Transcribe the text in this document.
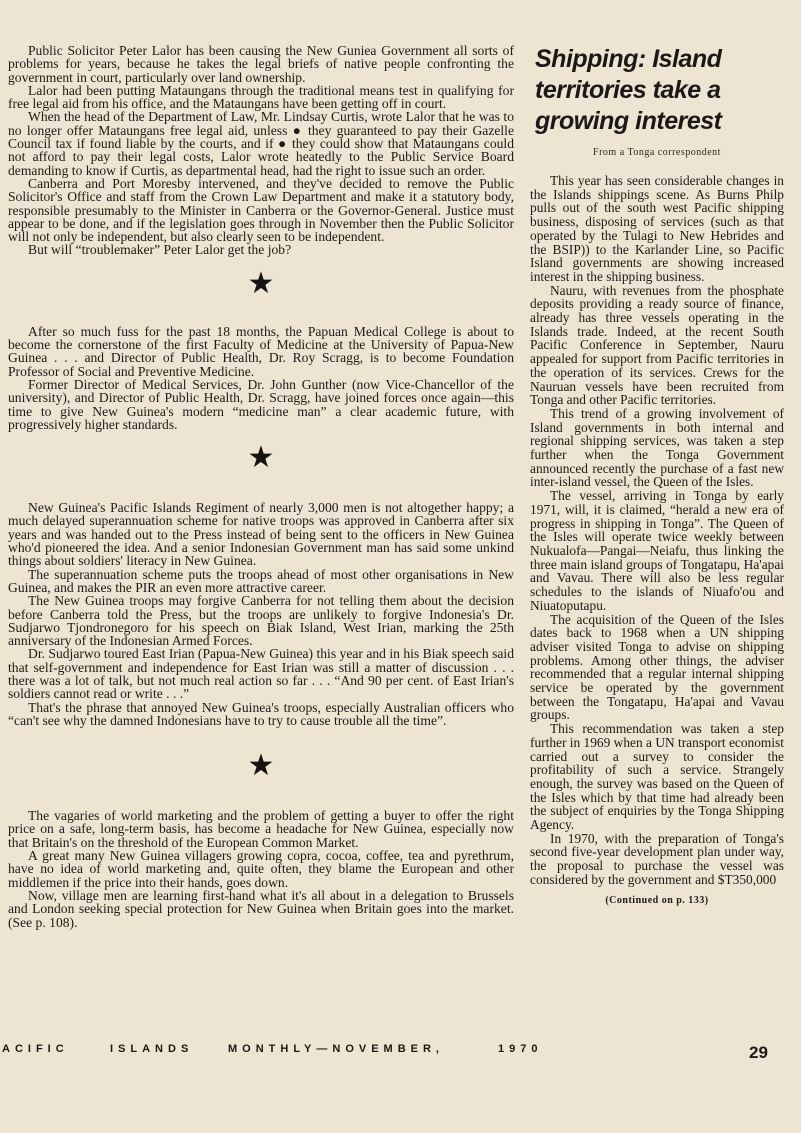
Public Solicitor Peter Lalor has been causing the New Guniea Government all sorts of problems for years, because he takes the legal briefs of native people confronting the government in court, particularly over land ownership.

Lalor had been putting Mataungans through the traditional means test in qualifying for free legal aid from his office, and the Mataungans have been getting off in court.

When the head of the Department of Law, Mr. Lindsay Curtis, wrote Lalor that he was to no longer offer Mataungans free legal aid, unless ● they guaranteed to pay their Gazelle Council tax if found liable by the courts, and if ● they could show that Mataungans could not afford to pay their legal costs, Lalor wrote heatedly to the Public Service Board demanding to know if Curtis, as departmental head, had the right to issue such an order.

Canberra and Port Moresby intervened, and they've decided to remove the Public Solicitor's Office and staff from the Crown Law Department and make it a statutory body, responsible presumably to the Minister in Canberra or the Governor-General. Justice must appear to be done, and if the legislation goes through in November then the Public Solicitor will not only be independent, but also clearly seen to be independent.

But will “troublemaker” Peter Lalor get the job?

★

After so much fuss for the past 18 months, the Papuan Medical College is about to become the cornerstone of the first Faculty of Medicine at the University of Papua-New Guinea . . . and Director of Public Health, Dr. Roy Scragg, is to become Foundation Professor of Social and Preventive Medicine.

Former Director of Medical Services, Dr. John Gunther (now Vice-Chancellor of the university), and Director of Public Health, Dr. Scragg, have joined forces once again—this time to give New Guinea's modern “medicine man” a clear academic future, with progressively higher standards.

★

New Guinea's Pacific Islands Regiment of nearly 3,000 men is not altogether happy; a much delayed superannuation scheme for native troops was approved in Canberra after six years and was handed out to the Press instead of being sent to the officers in New Guinea who'd pioneered the idea. And a senior Indonesian Government man has said some unkind things about soldiers' literacy in New Guinea.

The superannuation scheme puts the troops ahead of most other organisations in New Guinea, and makes the PIR an even more attractive career.

The New Guinea troops may forgive Canberra for not telling them about the decision before Canberra told the Press, but the troops are unlikely to forgive Indonesia's Dr. Sudjarwo Tjondronegoro for his speech on Biak Island, West Irian, marking the 25th anniversary of the Indonesian Armed Forces.

Dr. Sudjarwo toured East Irian (Papua-New Guinea) this year and in his Biak speech said that self-government and independence for East Irian was still a matter of discussion . . . there was a lot of talk, but not much real action so far . . . “And 90 per cent. of East Irian's soldiers cannot read or write . . .”

That's the phrase that annoyed New Guinea's troops, especially Australian officers who “can't see why the damned Indonesians have to try to cause trouble all the time”.

★

The vagaries of world marketing and the problem of getting a buyer to offer the right price on a safe, long-term basis, has become a headache for New Guinea, especially now that Britain's on the threshold of the European Common Market.

A great many New Guinea villagers growing copra, cocoa, coffee, tea and pyrethrum, have no idea of world marketing and, quite often, they blame the European and other middlemen if the price into their hands, goes down.

Now, village men are learning first-hand what it's all about in a delegation to Brussels and London seeking special protection for New Guinea when Britain goes into the market. (See p. 108).

Shipping: Island territories take a growing interest
From a Tonga correspondent

This year has seen considerable changes in the Islands shippings scene. As Burns Philp pulls out of the south west Pacific shipping business, disposing of services (such as that operated by the Tulagi to New Hebrides and the BSIP)) to the Karlander Line, so Pacific Island governments are showing increased interest in the shipping business.

Nauru, with revenues from the phosphate deposits providing a ready source of finance, already has three vessels operating in the Islands trade. Indeed, at the recent South Pacific Conference in September, Nauru appealed for support from Pacific territories in the operation of its services. Crews for the Nauruan vessels have been recruited from Tonga and other Pacific territories.

This trend of a growing involvement of Island governments in both internal and regional shipping services, was taken a step further when the Tonga Government announced recently the purchase of a fast new inter-island vessel, the Queen of the Isles.

The vessel, arriving in Tonga by early 1971, will, it is claimed, “herald a new era of progress in shipping in Tonga”. The Queen of the Isles will operate twice weekly between Nukualofa—Pangai—Neiafu, thus linking the three main island groups of Tongatapu, Ha'apai and Vavau. There will also be less regular schedules to the islands of Niuafo'ou and Niuatoputapu.

The acquisition of the Queen of the Isles dates back to 1968 when a UN shipping adviser visited Tonga to advise on shipping problems. Among other things, the adviser recommended that a regular internal shipping service be operated by the government between the Tongatapu, Ha'apai and Vavau groups.

This recommendation was taken a step further in 1969 when a UN transport economist carried out a survey to consider the profitability of such a service. Strangely enough, the survey was based on the Queen of the Isles which by that time had already been the subject of enquiries by the Tonga Shipping Agency.

In 1970, with the preparation of Tonga's second five-year development plan under way, the proposal to purchase the vessel was considered by the government and $T350,000

(Continued on p. 133)
ACIFIC	ISLANDS	MONTHLY—NOVEMBER,	1970	29
